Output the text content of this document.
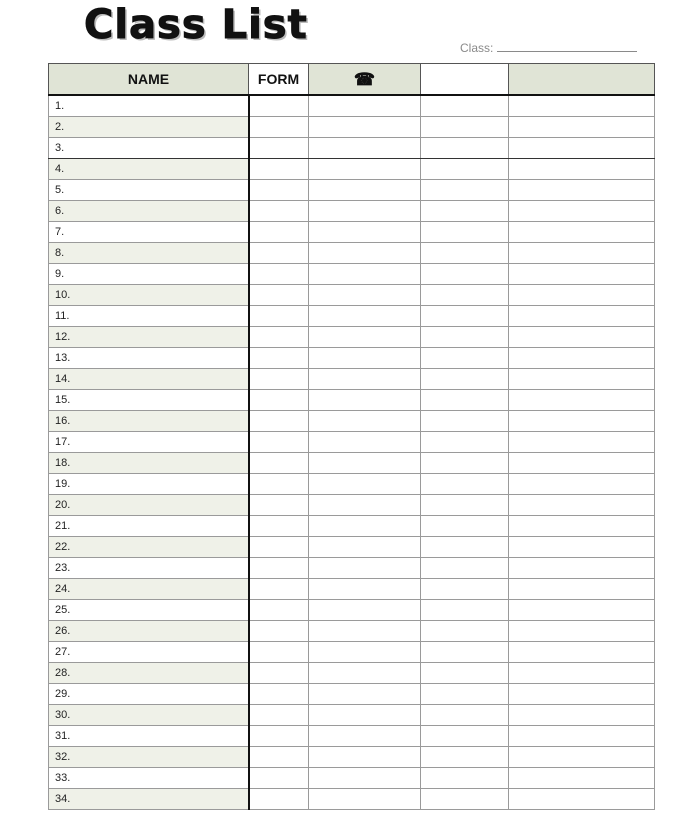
Class List	Class:
NAME	FORM	☎		
1.				
2.				
3.				
4.				
5.				
6.				
7.				
8.				
9.				
10.				
11.				
12.				
13.				
14.				
15.				
16.				
17.				
18.				
19.				
20.				
21.				
22.				
23.				
24.				
25.				
26.				
27.				
28.				
29.				
30.				
31.				
32.				
33.				
34.				
